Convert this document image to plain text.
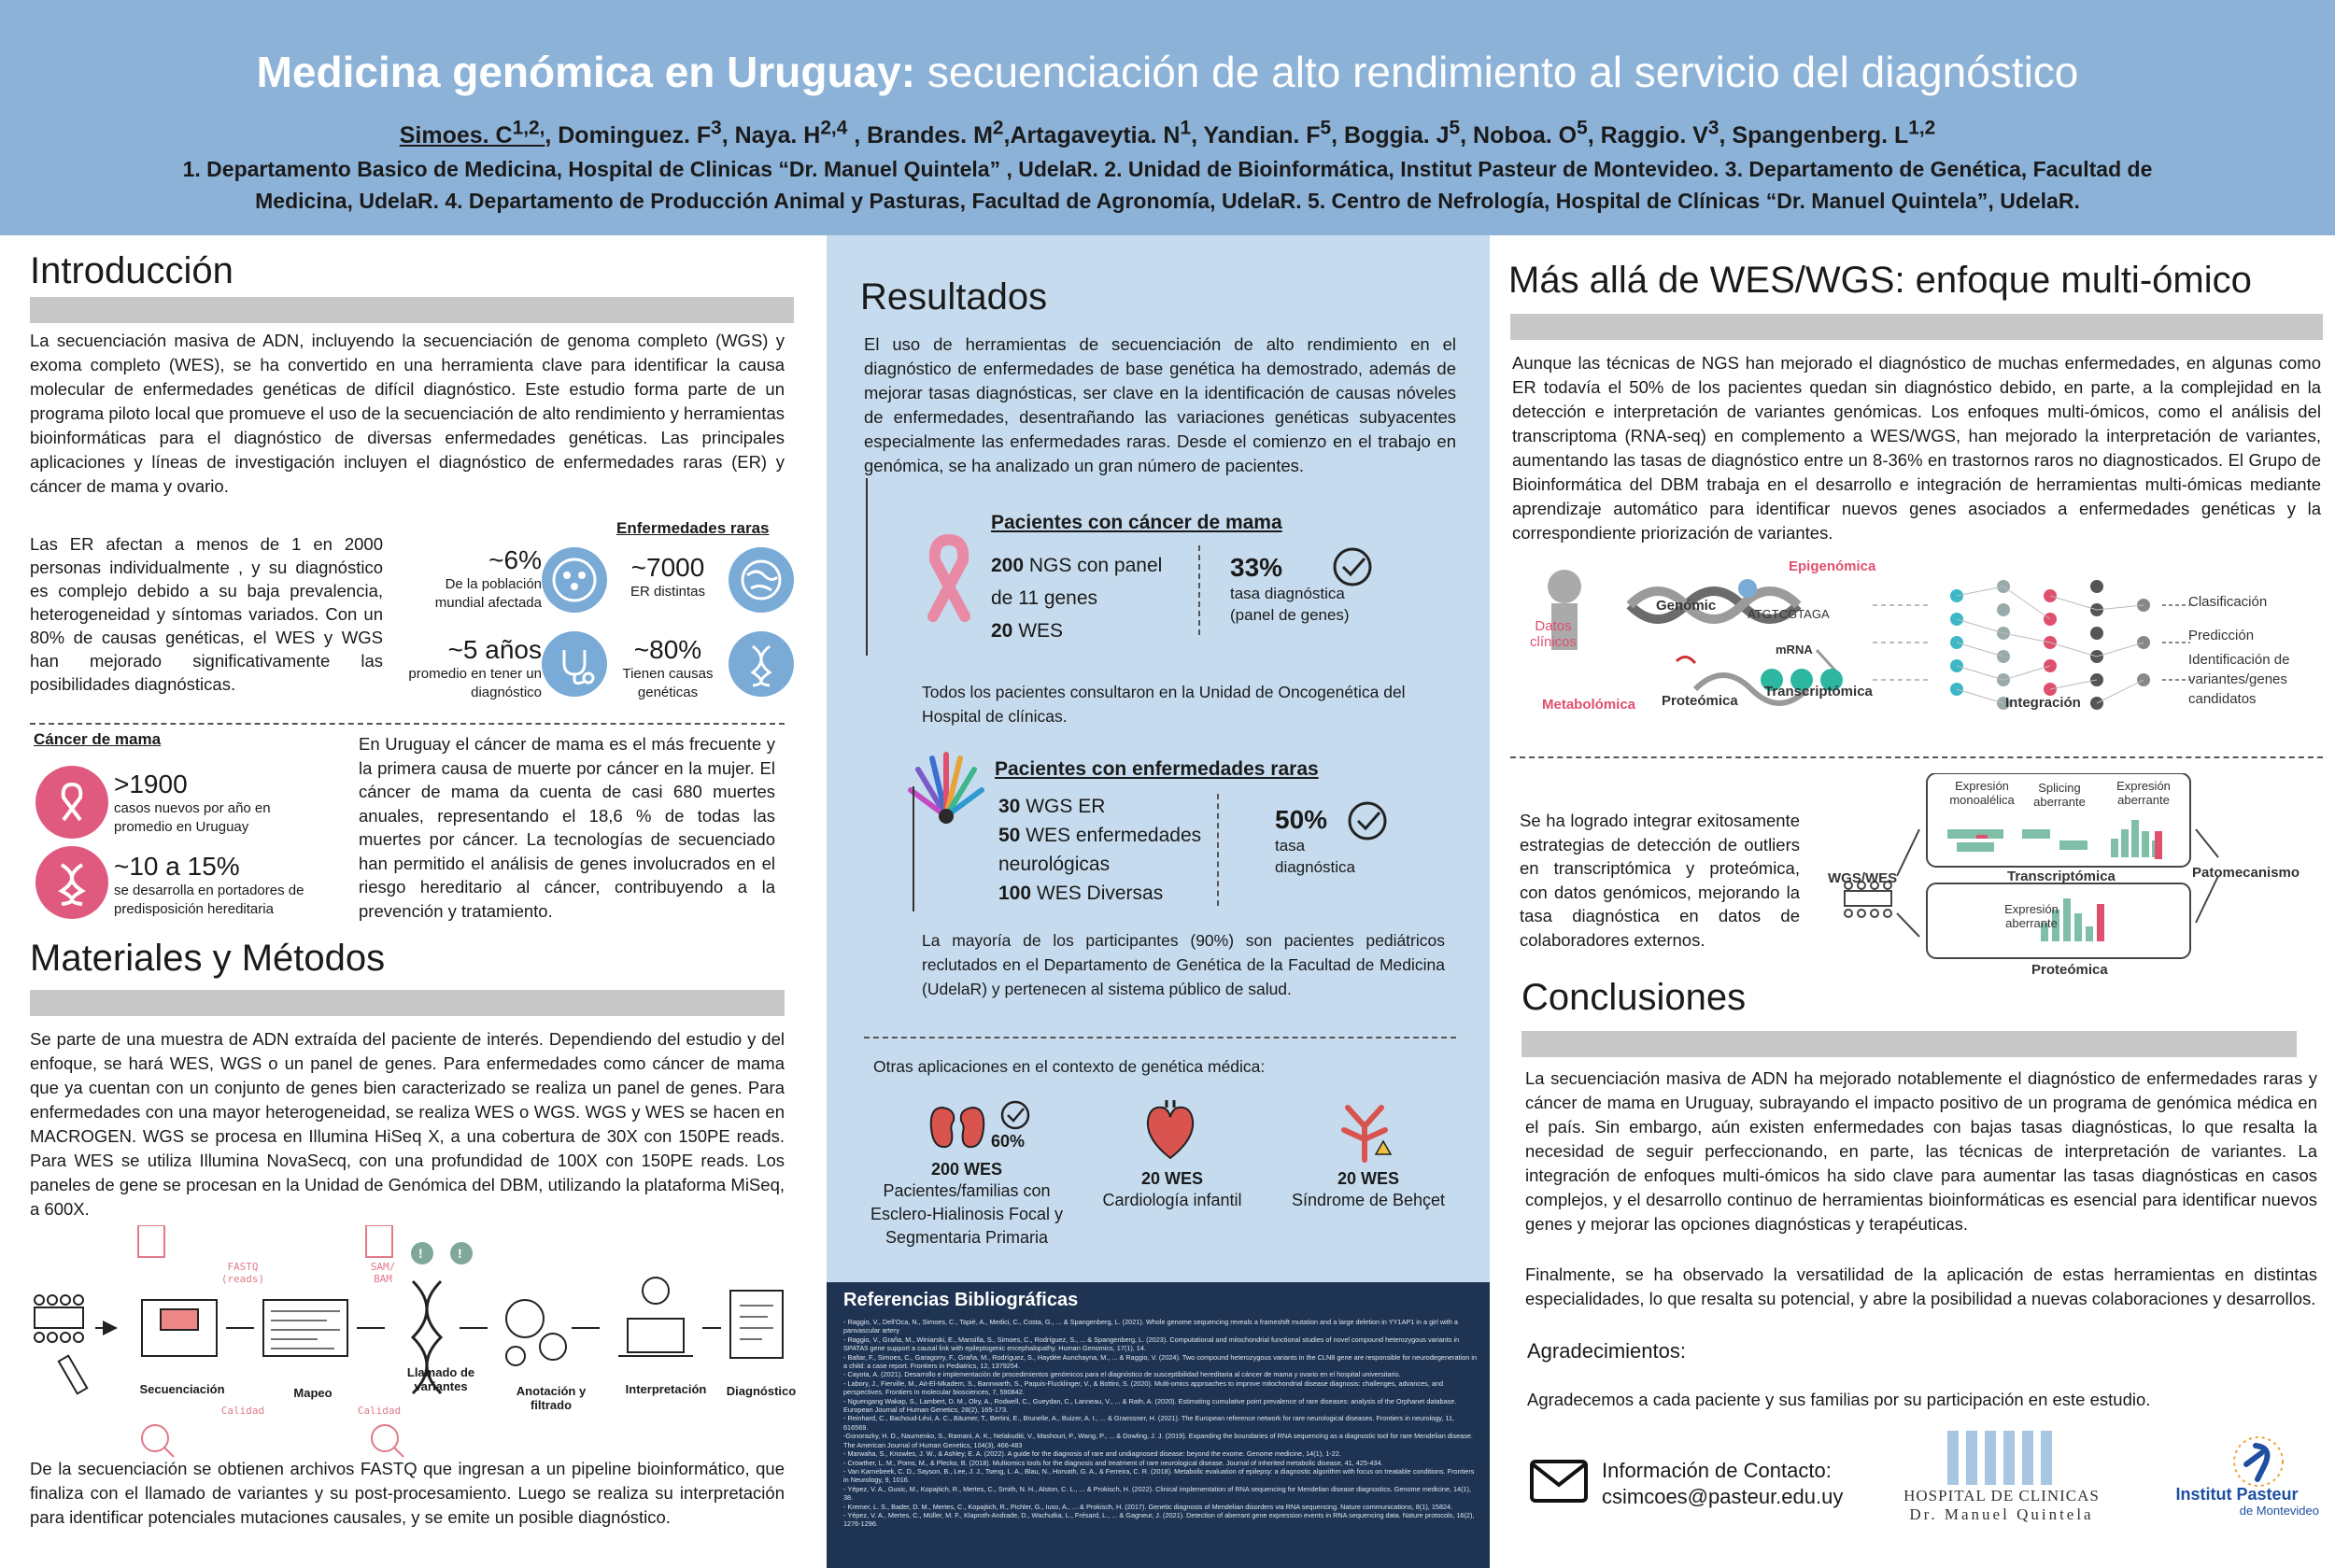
Medicina genómica en Uruguay: secuenciación de alto rendimiento al servicio del diagnóstico
Simoes. $C^{1,2,}$, Dominguez. $F^3$, Naya. H$^{2,4}$ , Brandes. $M^2,Artagaveytia$. $N^1$, Yandian. $F^5$, Boggia. $J^5$, Noboa. $O^5$, Raggio. $V^3$, Spangenberg. L$^{1,2}$
1. Departamento Basico de Medicina, Hospital de Clinicas “Dr. Manuel Quintela” , UdelaR. 2. Unidad de Bioinformática, Institut Pasteur de Montevideo. 3. Departamento de Genética, Facultad de Medicina, UdelaR. 4. Departamento de Producción Animal y Pasturas, Facultad de Agronomía, UdelaR. 5. Centro de Nefrología, Hospital de Clínicas “Dr. Manuel Quintela”, UdelaR.
Introducción

La secuenciación masiva de ADN, incluyendo la secuenciación de genoma completo (WGS) y exoma completo (WES), se ha convertido en una herramienta clave para identificar la causa molecular de enfermedades genéticas de difícil diagnóstico. Este estudio forma parte de un programa piloto local que promueve el uso de la secuenciación de alto rendimiento y herramientas bioinformáticas para el diagnóstico de diversas enfermedades genéticas. Las principales aplicaciones y líneas de investigación incluyen el diagnóstico de enfermedades raras (ER) y cáncer de mama y ovario.

Las ER afectan a menos de 1 en 2000 personas individualmente , y su diagnóstico es complejo debido a su baja prevalencia, heterogeneidad y síntomas variados. Con un 80% de causas genéticas, el WES y WGS han mejorado significativamente las posibilidades diagnósticas.

Enfermedades raras
~6%
De la población mundial afectada
~7000
ER distintas
~5 años
promedio en tener un diagnóstico
~80%
Tienen causas genéticas
Cáncer de mama
>1900
casos nuevos por año en promedio en Uruguay
~10 a 15%
se desarrolla en portadores de predisposición hereditaria

En Uruguay el cáncer de mama es el más frecuente y la primera causa de muerte por cáncer en la mujer. El cáncer de mama da cuenta de casi 680 muertes anuales, representando el 18,6 % de todas las muertes por cáncer. La tecnologías de secuenciado han permitido el análisis de genes involucrados en el riesgo hereditario al cáncer, contribuyendo a la prevención y tratamiento.

Materiales y Métodos

Se parte de una muestra de ADN extraída del paciente de interés. Dependiendo del estudio y del enfoque, se hará WES, WGS o un panel de genes. Para enfermedades como cáncer de mama que ya cuentan con un conjunto de genes bien caracterizado se realiza un panel de genes. Para enfermedades con una mayor heterogeneidad, se realiza WES o WGS. WGS y WES se hacen en MACROGEN. WGS se procesa en Illumina HiSeq X, a una cobertura de 30X con 150PE reads. Para WES se utiliza Illumina NovaSecq, con una profundidad de 100X con 150PE reads. Los paneles de gene se procesan en la Unidad de Genómica del DBM, utilizando la plataforma MiSeq, a 600X.

!	!
FASTQ (reads)
SAM/ BAM
Calidad	Calidad
Secuenciación	Mapeo
Llamado de variantes	Anotación y filtrado
Interpretación	Diagnóstico

De la secuenciación se obtienen archivos FASTQ que ingresan a un pipeline bioinformático, que finaliza con el llamado de variantes y su post-procesamiento. Luego se realiza su interpretación para identificar potenciales mutaciones causales, y se emite un posible diagnóstico.

Resultados

El uso de herramientas de secuenciación de alto rendimiento en el diagnóstico de enfermedades de base genética ha demostrado, además de mejorar tasas diagnósticas, ser clave en la identificación de causas nóveles de enfermedades, desentrañando las variaciones genéticas subyacentes especialmente las enfermedades raras. Desde el comienzo en el trabajo en genómica, se ha analizado un gran número de pacientes.

Pacientes con cáncer de mama
200 NGS con panel de 11 genes
20 WES
33%
tasa diagnóstica (panel de genes)

Todos los pacientes consultaron en la Unidad de Oncogenética del Hospital de clínicas.

Pacientes con enfermedades raras
30 WGS ER
50 WES enfermedades neurológicas
100 WES Diversas
50%
tasa diagnóstica

La mayoría de los participantes (90%) son pacientes pediátricos reclutados en el Departamento de Genética de la Facultad de Medicina (UdelaR) y pertenecen al sistema público de salud.

Otras aplicaciones en el contexto de genética médica:
60%
200 WES
Pacientes/familias con Esclero-Hialinosis Focal y Segmentaria Primaria
20 WES
Cardiología infantil
20 WES
Síndrome de Behçet
Referencias Bibliográficas
- Raggio, V., Dell'Oca, N., Simoes, C., Tapié, A., Medici, C., Costa, G., ... & Spangenberg, L. (2021). Whole genome sequencing reveals a frameshift mutation and a large deletion in YY1AP1 in a girl with a panvascular artery
- Raggio, V., Graña, M., Winiarski, E., Mansilla, S., Simoes, C., Rodríguez, S., ... & Spangenberg, L. (2023). Computational and mitochondrial functional studies of novel compound heterozygous variants in SPATA5 gene support a causal link with epileptogenic encephalopathy. Human Genomics, 17(1), 14.
- Baltar, F., Simoes, C., Garagorry, F., Graña, M., Rodríguez, S., Haydée Aunchayna, M., ... & Raggio, V. (2024). Two compound heterozygous variants in the CLN8 gene are responsible for neurodegeneration in a child: a case report. Frontiers in Pediatrics, 12, 1379254.
- Cayota, A. (2021). Desarrollo e implementación de procedimientos genómicos para el diagnóstico de susceptibilidad hereditaria al cáncer de mama y ovario en el hospital universitario.
- Labory, J., Fierville, M., Ait-El-Mkadem, S., Bannwarth, S., Paquis-Flucklinger, V., & Bottini, S. (2020). Multi-omics approaches to improve mitochondrial disease diagnosis: challenges, advances, and perspectives. Frontiers in molecular biosciences, 7, 590842.
- Nguengang Wakap, S., Lambert, D. M., Olry, A., Rodwell, C., Gueydan, C., Lanneau, V., ... & Rath, A. (2020). Estimating cumulative point prevalence of rare diseases: analysis of the Orphanet database. European Journal of Human Genetics, 28(2), 165-173.
- Reinhard, C., Bachoud-Lévi, A. C., Bäumer, T., Bertini, E., Brunelle, A., Buizer, A. I., ... & Graessner, H. (2021). The European reference network for rare neurological diseases. Frontiers in neurology, 11, 616569.
-Gonorazky, H. D., Naumenko, S., Ramani, A. K., Nelakuditi, V., Mashouri, P., Wang, P., ... & Dowling, J. J. (2019). Expanding the boundaries of RNA sequencing as a diagnostic tool for rare Mendelian disease. The American Journal of Human Genetics, 104(3), 466-483
- Marwaha, S., Knowles, J. W., & Ashley, E. A. (2022). A guide for the diagnosis of rare and undiagnosed disease: beyond the exome. Genome medicine, 14(1), 1-22.
- Crowther, L. M., Poms, M., & Plecko, B. (2018). Multiomics tools for the diagnosis and treatment of rare neurological disease. Journal of inherited metabolic disease, 41, 425-434.
- Van Karnebeek, C. D., Sayson, B., Lee, J. J., Tseng, L. A., Blau, N., Horvath, G. A., & Ferreira, C. R. (2018). Metabolic evaluation of epilepsy: a diagnostic algorithm with focus on treatable conditions. Frontiers in Neurology, 9, 1016.
- Yépez, V. A., Gusic, M., Kopajtich, R., Mertes, C., Smith, N. H., Alston, C. L., ... & Prokisch, H. (2022). Clinical implementation of RNA sequencing for Mendelian disease diagnostics. Genome medicine, 14(1), 38.
- Kremer, L. S., Bader, D. M., Mertes, C., Kopajtich, R., Pichler, G., Iuso, A., ... & Prokisch, H. (2017). Genetic diagnosis of Mendelian disorders via RNA sequencing. Nature communications, 8(1), 15824.
- Yépez, V. A., Mertes, C., Müller, M. F., Klaproth-Andrade, D., Wachutka, L., Frésard, L., ... & Gagneur, J. (2021). Detection of aberrant gene expression events in RNA sequencing data. Nature protocols, 16(2), 1276-1296.
Más allá de WES/WGS: enfoque multi-ómico

Aunque las técnicas de NGS han mejorado el diagnóstico de muchas enfermedades, en algunas como ER todavía el 50% de los pacientes quedan sin diagnóstico debido, en parte, a la complejidad en la detección e interpretación de variantes genómicas. Los enfoques multi-ómicos, como el análisis del transcriptoma (RNA-seq) en complemento a WES/WGS, han mejorado la interpretación de variantes, aumentando las tasas de diagnóstico entre un 8-36% en trastornos raros no diagnosticados. El Grupo de Bioinformática del DBM trabaja en el desarrollo e integración de herramientas multi-ómicas mediante aprendizaje automático para identificar nuevos genes asociados a enfermedades genéticas y la correspondiente priorización de variantes.

Epigenómica
Genómic
Datos clínicos
ATGTCGTAGA
mRNA
Transcriptómica
Proteómica
Metabolómica	Integración
Clasificación
Predicción
Identificación de variantes/genes candidatos

Se ha logrado integrar exitosamente estrategias de detección de outliers en transcriptómica y proteómica, con datos genómicos, mejorando la tasa diagnóstica en datos de colaboradores externos.

WGS/WES
Expresión monoalélica
Splicing aberrante
Expresión aberrante
Transcriptómica
Expresión aberrante
Proteómica
Patomecanismo
Conclusiones

La secuenciación masiva de ADN ha mejorado notablemente el diagnóstico de enfermedades raras y cáncer de mama en Uruguay, subrayando el impacto positivo de un programa de genómica médica en el país. Sin embargo, aún existen enfermedades con bajas tasas diagnósticas, lo que resalta la necesidad de seguir perfeccionando, en parte, las técnicas de interpretación de variantes. La integración de enfoques multi-ómicos ha sido clave para aumentar las tasas diagnósticas en casos complejos, y el desarrollo continuo de herramientas bioinformáticas es esencial para identificar nuevos genes y mejorar las opciones diagnósticas y terapéuticas.

Finalmente, se ha observado la versatilidad de la aplicación de estas herramientas en distintas especialidades, lo que resalta su potencial, y abre la posibilidad a nuevas colaboraciones y desarrollos.

Agradecimientos:
Agradecemos a cada paciente y sus familias por su participación en este estudio.
Información de Contacto:
csimcoes@pasteur.edu.uy	HOSPITAL DE CLINICAS
Dr. Manuel Quintela
Institut Pasteur
de Montevideo
